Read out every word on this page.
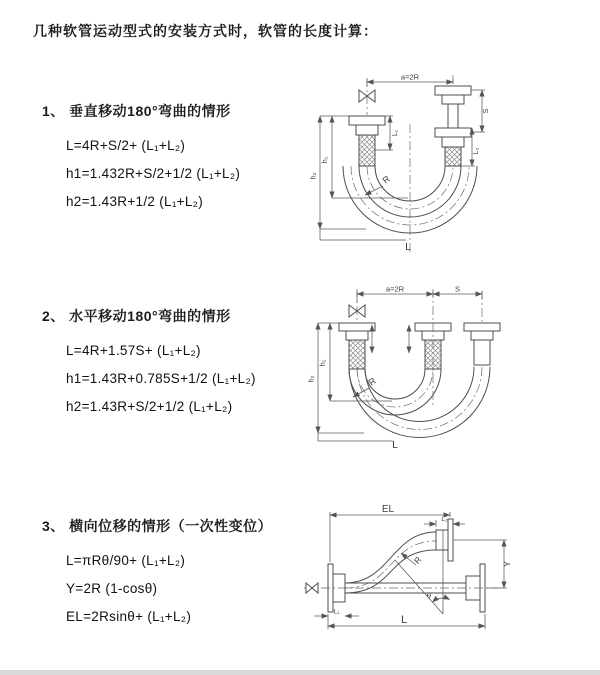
几种软管运动型式的安装方式时，软管的长度计算：
1、 垂直移动180°弯曲的情形
L=4R+S/2+ (L₁+L₂)
h1=1.432R+S/2+1/2 (L₁+L₂)
h2=1.43R+1/2 (L₁+L₂)
a=2R
L₁
S
L₂
h₁
h₂	R
L
2、 水平移动180°弯曲的情形
L=4R+1.57S+ (L₁+L₂)
h1=1.43R+0.785S+1/2 (L₁+L₂)
h2=1.43R+S/2+1/2 (L₁+L₂)
a=2R	S
h₁
h₂	R
L
3、 横向位移的情形（一次性变位）
L=πRθ/90+ (L₁+L₂)
Y=2R (1-cosθ)
EL=2Rsinθ+ (L₁+L₂)
EL
L₂
Y
θ
R
L
L₁
